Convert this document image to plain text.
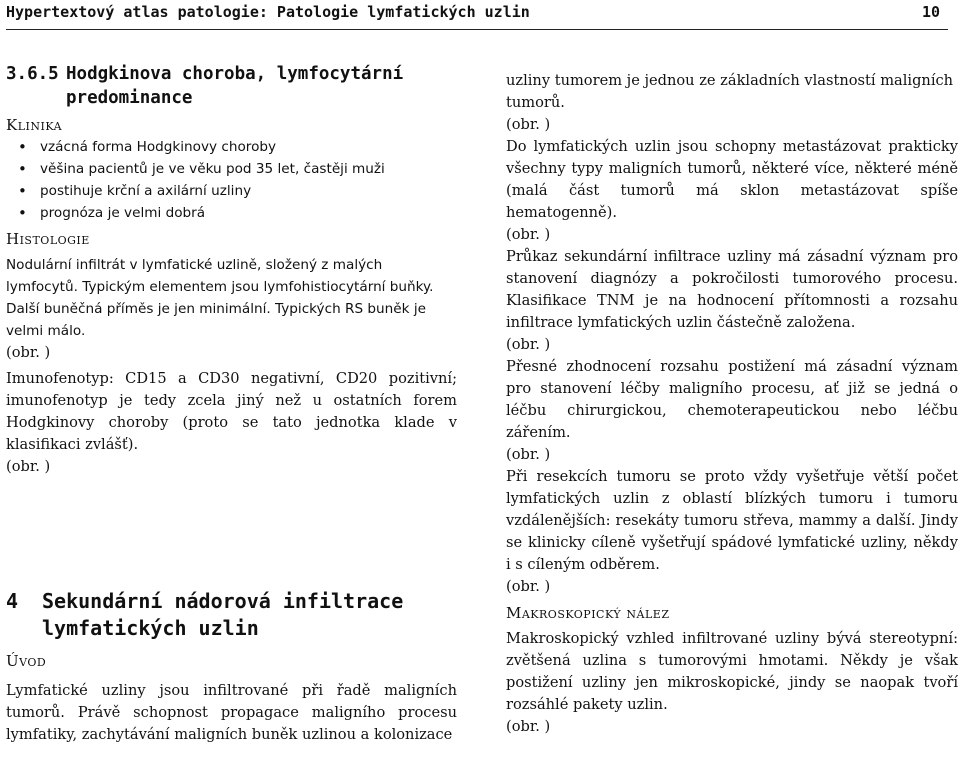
Hypertextový atlas patologie: Patologie lymfatických uzlin	10
3.6.5 Hodgkinova choroba, lymfocytární
predominance

Klinika

• vzácná forma Hodgkinovy choroby
• věšina pacientů je ve věku pod 35 let, častěji muži
• postihuje krční a axilární uzliny
• prognóza je velmi dobrá

Histologie

Nodulární infiltrát v lymfatické uzlině, složený z malých lymfocytů. Typickým elementem jsou lymfohistiocytární buňky. Další buněčná příměs je jen minimální. Typických RS buněk je velmi málo.

(obr. )

Imunofenotyp: CD15 a CD30 negativní, CD20 pozitivní; imunofenotyp je tedy zcela jiný než u ostatních forem Hodgkinovy choroby (proto se tato jednotka klade v klasifikaci zvlášť).

(obr. )

4 Sekundární nádorová infiltrace
lymfatických uzlin

Úvod

Lymfatické uzliny jsou infiltrované při řadě maligních tumorů. Právě schopnost propagace maligního procesu lymfatiky, zachytávání maligních buněk uzlinou a kolonizace

uzliny tumorem je jednou ze základních vlastností maligních tumorů.

(obr. )

Do lymfatických uzlin jsou schopny metastázovat prakticky všechny typy maligních tumorů, některé více, některé méně (malá část tumorů má sklon metastázovat spíše hematogenně).

(obr. )

Průkaz sekundární infiltrace uzliny má zásadní význam pro stanovení diagnózy a pokročilosti tumorového procesu. Klasifikace TNM je na hodnocení přítomnosti a rozsahu infiltrace lymfatických uzlin částečně založena.

(obr. )

Přesné zhodnocení rozsahu postižení má zásadní význam pro stanovení léčby maligního procesu, ať již se jedná o léčbu chirurgickou, chemoterapeutickou nebo léčbu zářením.

(obr. )

Při resekcích tumoru se proto vždy vyšetřuje větší počet lymfatických uzlin z oblastí blízkých tumoru i tumoru vzdálenějších: resekáty tumoru střeva, mammy a další. Jindy se klinicky cíleně vyšetřují spádové lymfatické uzliny, někdy i s cíleným odběrem.

(obr. )

Makroskopický nález

Makroskopický vzhled infiltrované uzliny bývá stereotypní: zvětšená uzlina s tumorovými hmotami. Někdy je však postižení uzliny jen mikroskopické, jindy se naopak tvoří rozsáhlé pakety uzlin.

(obr. )
